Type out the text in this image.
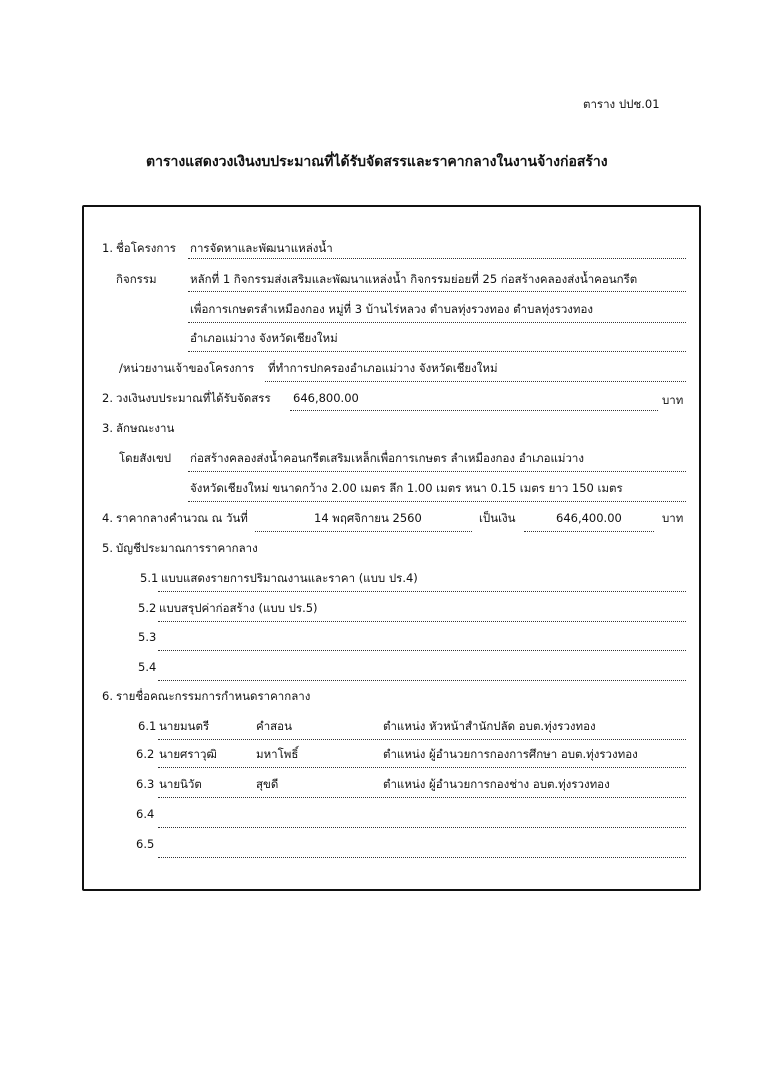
ตาราง ปปช.01
ตารางแสดงวงเงินงบประมาณที่ได้รับจัดสรรและราคากลางในงานจ้างก่อสร้าง
1. ชื่อโครงการ การจัดหาและพัฒนาแหล่งน้ำ
กิจกรรม	หลักที่ 1 กิจกรรมส่งเสริมและพัฒนาแหล่งน้ำ กิจกรรมย่อยที่ 25 ก่อสร้างคลองส่งน้ำคอนกรีต
เพื่อการเกษตรลำเหมืองกอง หมู่ที่ 3 บ้านไร่หลวง ตำบลทุ่งรวงทอง ตำบลทุ่งรวงทอง
อำเภอแม่วาง จังหวัดเชียงใหม่
/หน่วยงานเจ้าของโครงการ ที่ทำการปกครองอำเภอแม่วาง จังหวัดเชียงใหม่
2. วงเงินงบประมาณที่ได้รับจัดสรร 646,800.00	บาท
3. ลักษณะงาน
โดยสังเขป ก่อสร้างคลองส่งน้ำคอนกรีตเสริมเหล็กเพื่อการเกษตร ลำเหมืองกอง อำเภอแม่วาง
จังหวัดเชียงใหม่ ขนาดกว้าง 2.00 เมตร ลึก 1.00 เมตร หนา 0.15 เมตร ยาว 150 เมตร
4. ราคากลางคำนวณ ณ วันที่	14 พฤศจิกายน 2560	เป็นเงิน	646,400.00	บาท
5. บัญชีประมาณการราคากลาง
5.1 แบบแสดงรายการปริมาณงานและราคา (แบบ ปร.4)
5.2 แบบสรุปค่าก่อสร้าง (แบบ ปร.5)
5.3
5.4
6. รายชื่อคณะกรรมการกำหนดราคากลาง
6.1 นายมนตรี	คำสอน	ตำแหน่ง หัวหน้าสำนักปลัด อบต.ทุ่งรวงทอง
6.2 นายศราวุฒิ	มหาโพธิ์	ตำแหน่ง ผู้อำนวยการกองการศึกษา อบต.ทุ่งรวงทอง
6.3 นายนิวัต	สุขดี	ตำแหน่ง ผู้อำนวยการกองช่าง อบต.ทุ่งรวงทอง
6.4
6.5
